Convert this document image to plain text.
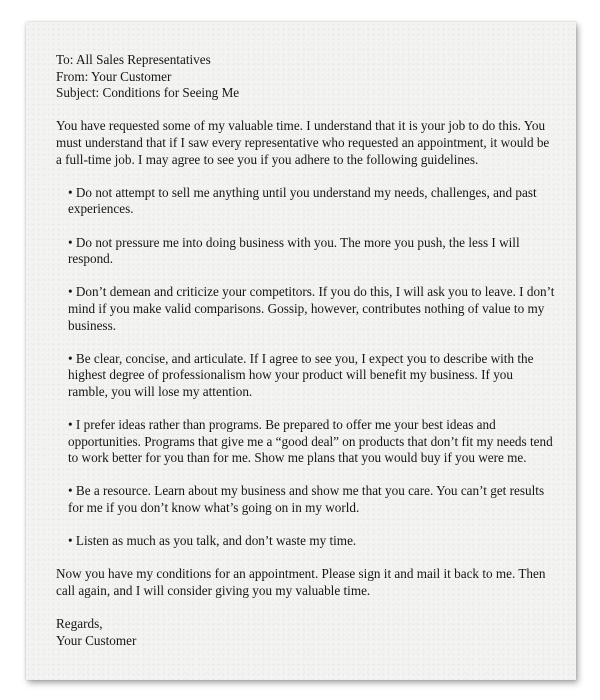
To: All Sales Representatives

From: Your Customer

Subject: Conditions for Seeing Me

You have requested some of my valuable time. I understand that it is your job to do this. You must understand that if I saw every representative who requested an appointment, it would be a full-time job. I may agree to see you if you adhere to the following guidelines.

• Do not attempt to sell me anything until you understand my needs, challenges, and past experiences.

• Do not pressure me into doing business with you. The more you push, the less I will respond.

• Don’t demean and criticize your competitors. If you do this, I will ask you to leave. I don’t mind if you make valid comparisons. Gossip, however, contributes nothing of value to my business.

• Be clear, concise, and articulate. If I agree to see you, I expect you to describe with the highest degree of professionalism how your product will benefit my business. If you ramble, you will lose my attention.

• I prefer ideas rather than programs. Be prepared to offer me your best ideas and opportunities. Programs that give me a “good deal” on products that don’t fit my needs tend to work better for you than for me. Show me plans that you would buy if you were me.

• Be a resource. Learn about my business and show me that you care. You can’t get results for me if you don’t know what’s going on in my world.

• Listen as much as you talk, and don’t waste my time.

Now you have my conditions for an appointment. Please sign it and mail it back to me. Then call again, and I will consider giving you my valuable time.

Regards,

Your Customer
